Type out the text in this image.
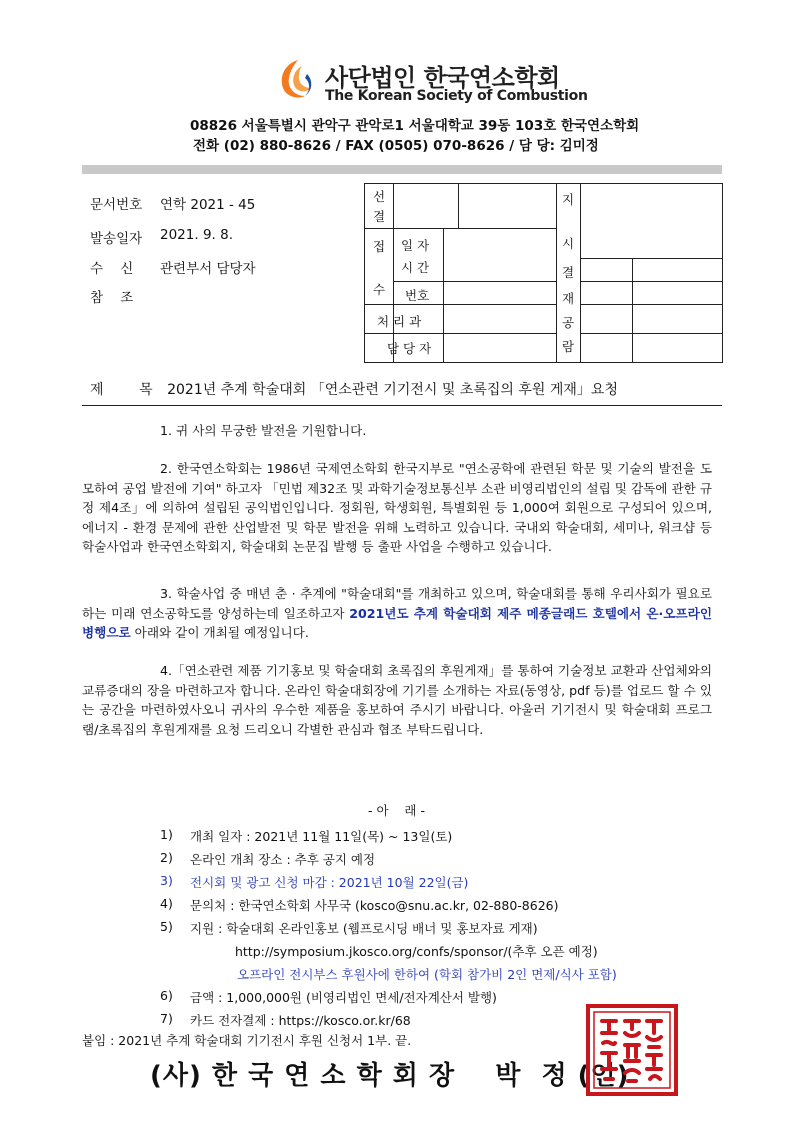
사단법인 한국연소학회
The Korean Society of Combustion
08826 서울특별시 관악구 관악로1 서울대학교 39동 103호 한국연소학회
전화 (02) 880-8626 / FAX (0505) 070-8626 / 담 당: 김미정
문서번호 연학 2021 - 45
발송일자 2021. 9. 8.
수    신 관련부서 담당자
참    조
선
결
접
수
일 자
시 간
번호
처 리 과
담 당 자
지
시
결
재
공
람
제        목 2021년 추계 학술대회 「연소관련 기기전시 및 초록집의 후원 게재」요청
1. 귀 사의 무궁한 발전을 기원합니다.
2. 한국연소학회는 1986년 국제연소학회 한국지부로 "연소공학에 관련된 학문 및 기술의 발전을 도모하여 공업 발전에 기여" 하고자 「민법 제32조 및 과학기술정보통신부 소관 비영리법인의 설립 및 감독에 관한 규정 제4조」에 의하여 설립된 공익법인입니다. 정회원, 학생회원, 특별회원 등 1,000여 회원으로 구성되어 있으며, 에너지 - 환경 문제에 관한 산업발전 및 학문 발전을 위해 노력하고 있습니다. 국내외 학술대회, 세미나, 워크샵 등 학술사업과 한국연소학회지, 학술대회 논문집 발행 등 출판 사업을 수행하고 있습니다.
3. 학술사업 중 매년 춘 · 추계에 "학술대회"를 개최하고 있으며, 학술대회를 통해 우리사회가 필요로 하는 미래 연소공학도를 양성하는데 일조하고자 2021년도 추계 학술대회 제주 메종글래드 호텔에서 온·오프라인 병행으로 아래와 같이 개최될 예정입니다.
4.「연소관련 제품 기기홍보 및 학술대회 초록집의 후원게재」를 통하여 기술정보 교환과 산업체와의 교류증대의 장을 마련하고자 합니다. 온라인 학술대회장에 기기를 소개하는 자료(동영상, pdf 등)를 업로드 할 수 있는 공간을 마련하였사오니 귀사의 우수한 제품을 홍보하여 주시기 바랍니다. 아울러 기기전시 및 학술대회 프로그램/초록집의 후원게재를 요청 드리오니 각별한 관심과 협조 부탁드립니다.
- 아    래 -
1) 개최 일자 : 2021년 11월 11일(목) ~ 13일(토)
2) 온라인 개최 장소 : 추후 공지 예정
3) 전시회 및 광고 신청 마감 : 2021년 10월 22일(금)
4) 문의처 : 한국연소학회 사무국 (kosco@snu.ac.kr, 02-880-8626)
5) 지원 : 학술대회 온라인홍보 (웹프로시딩 배너 및 홍보자료 게재)
http://symposium.jkosco.org/confs/sponsor/(추후 오픈 예정)
오프라인 전시부스 후원사에 한하여 (학회 참가비 2인 면제/식사 포함)
6) 금액 : 1,000,000원 (비영리법인 면세/전자계산서 발행)
7) 카드 전자결제 : https://kosco.or.kr/68
붙임 : 2021년 추계 학술대회 기기전시 후원 신청서 1부. 끝.
(사) 한 국 연 소 학 회 장    박  정 (인)
